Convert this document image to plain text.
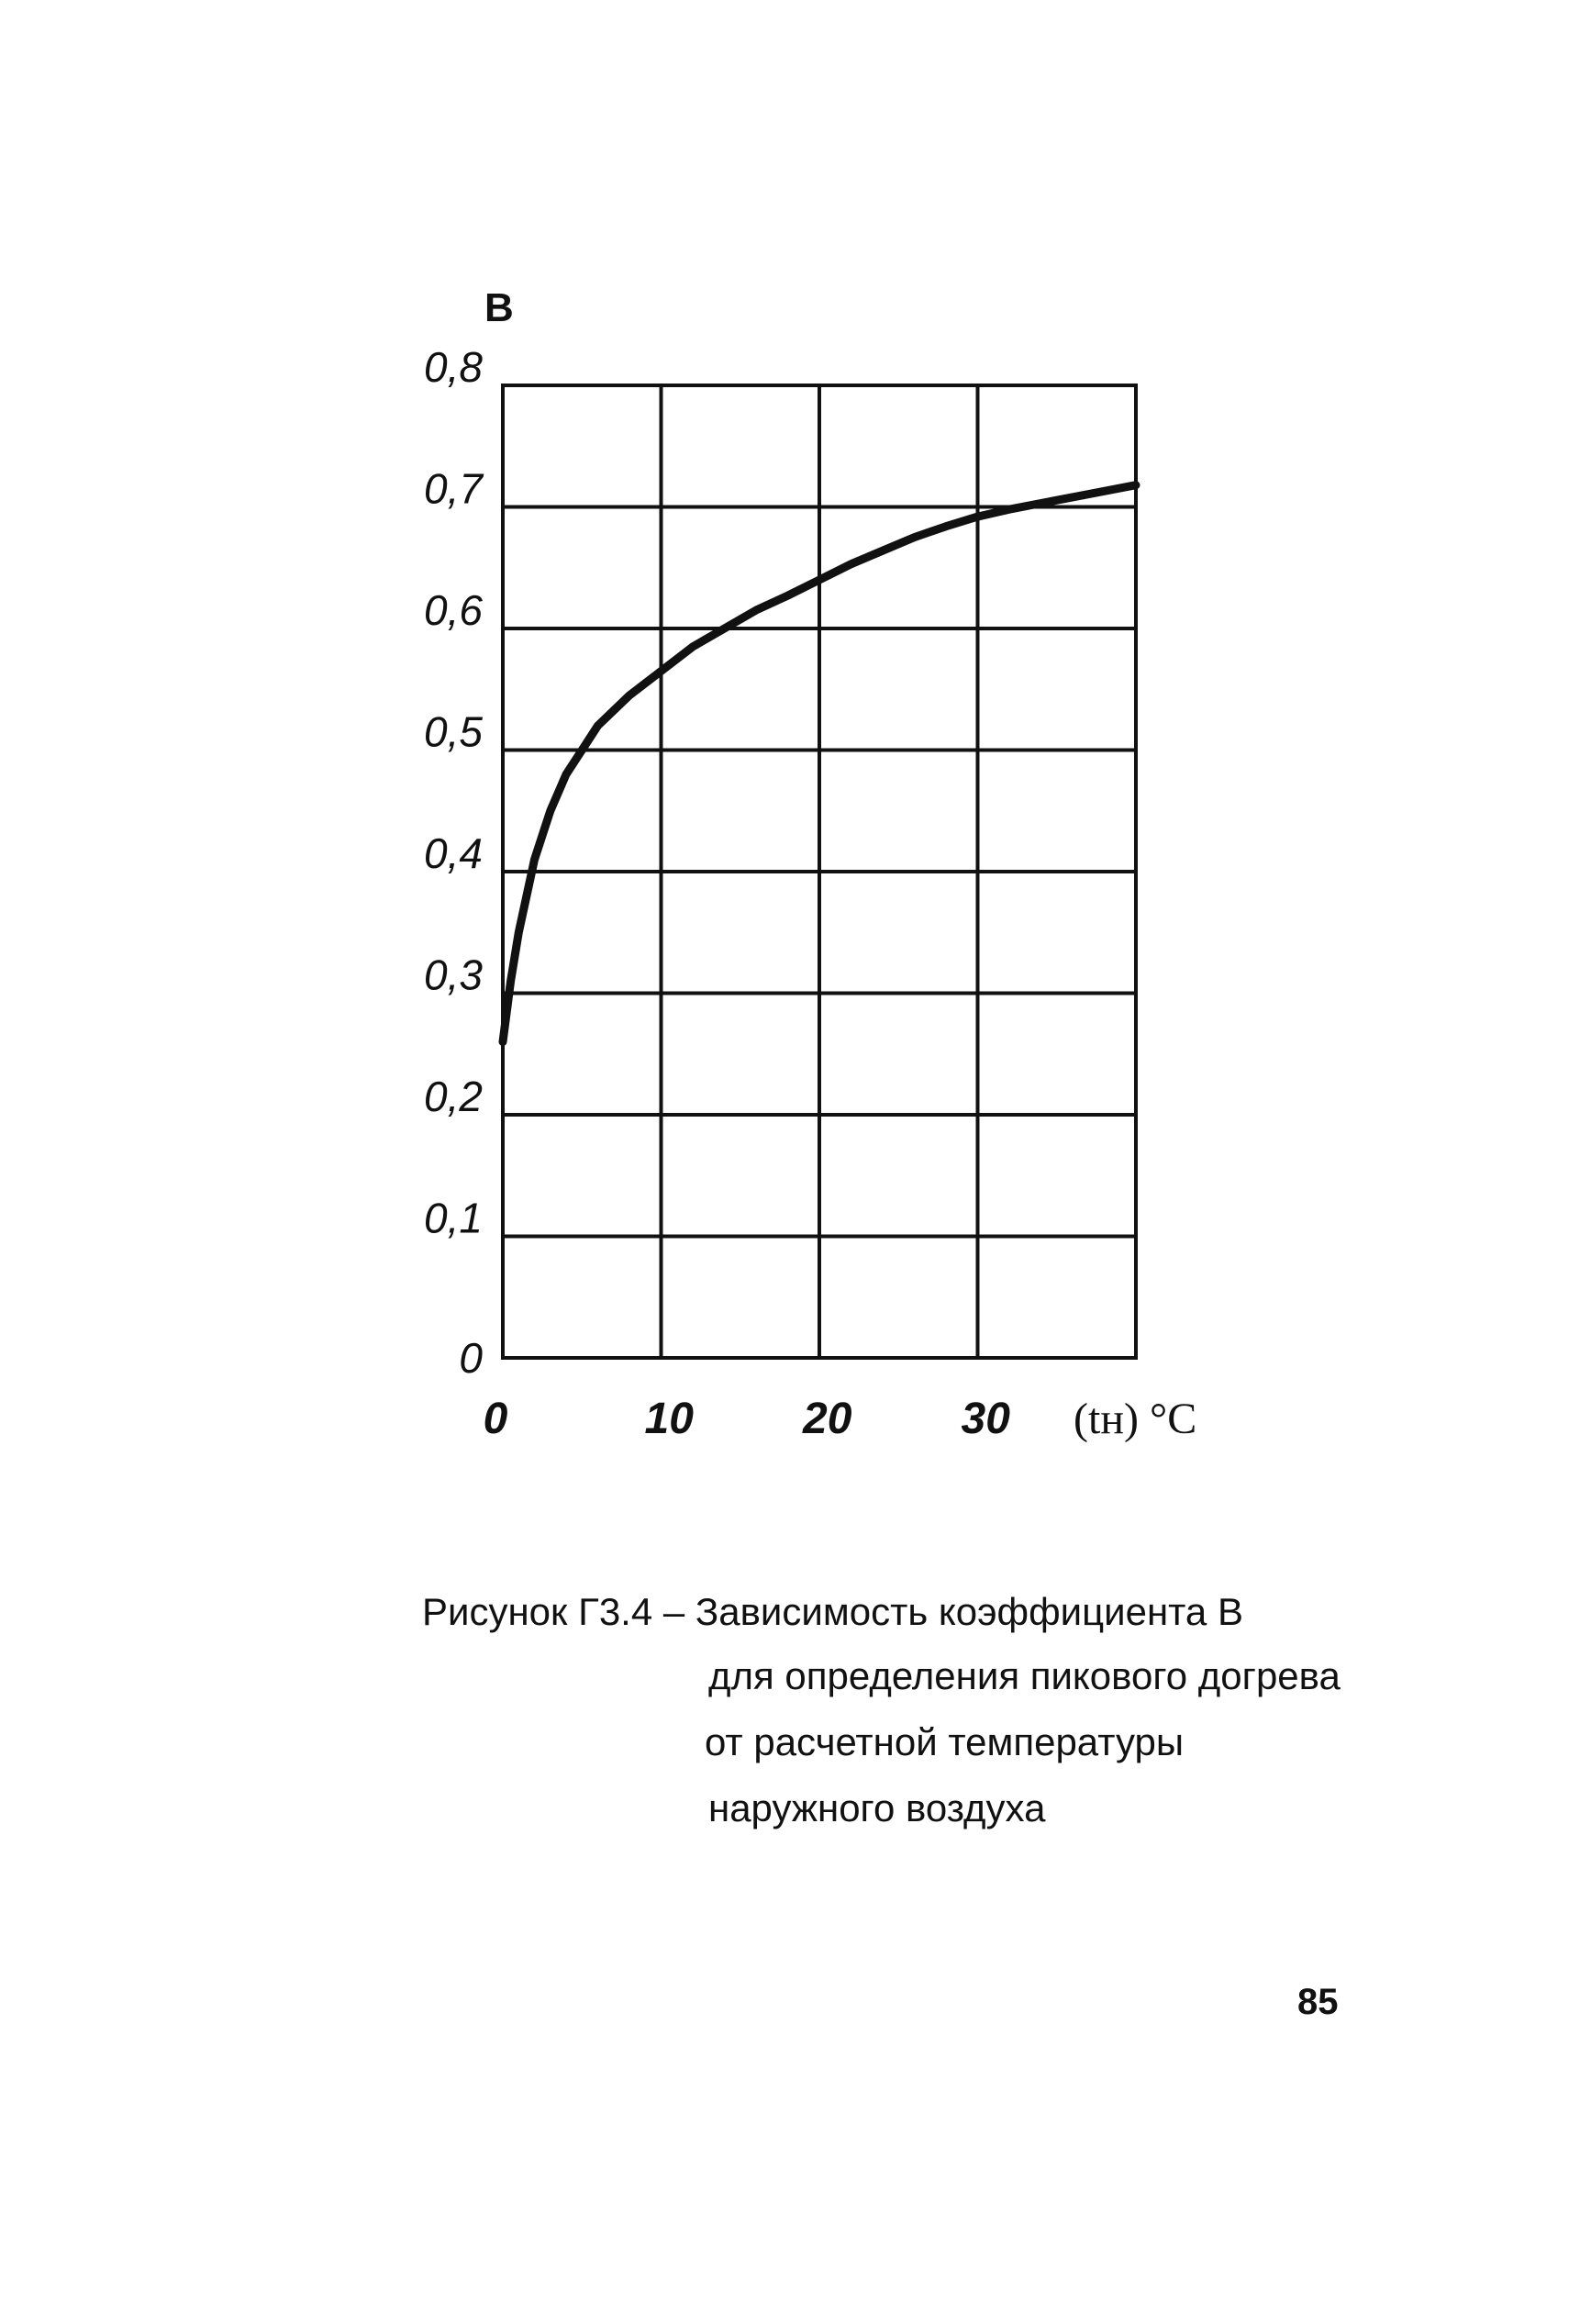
B
0
0,1
0,2
0,3
0,4
0,5
0,6
0,7
0,8
0	10 20 30 (tн) °C
Рисунок Г3.4 – Зависимость коэффициента В
для определения пикового догрева
от расчетной температуры
наружного воздуха
85
